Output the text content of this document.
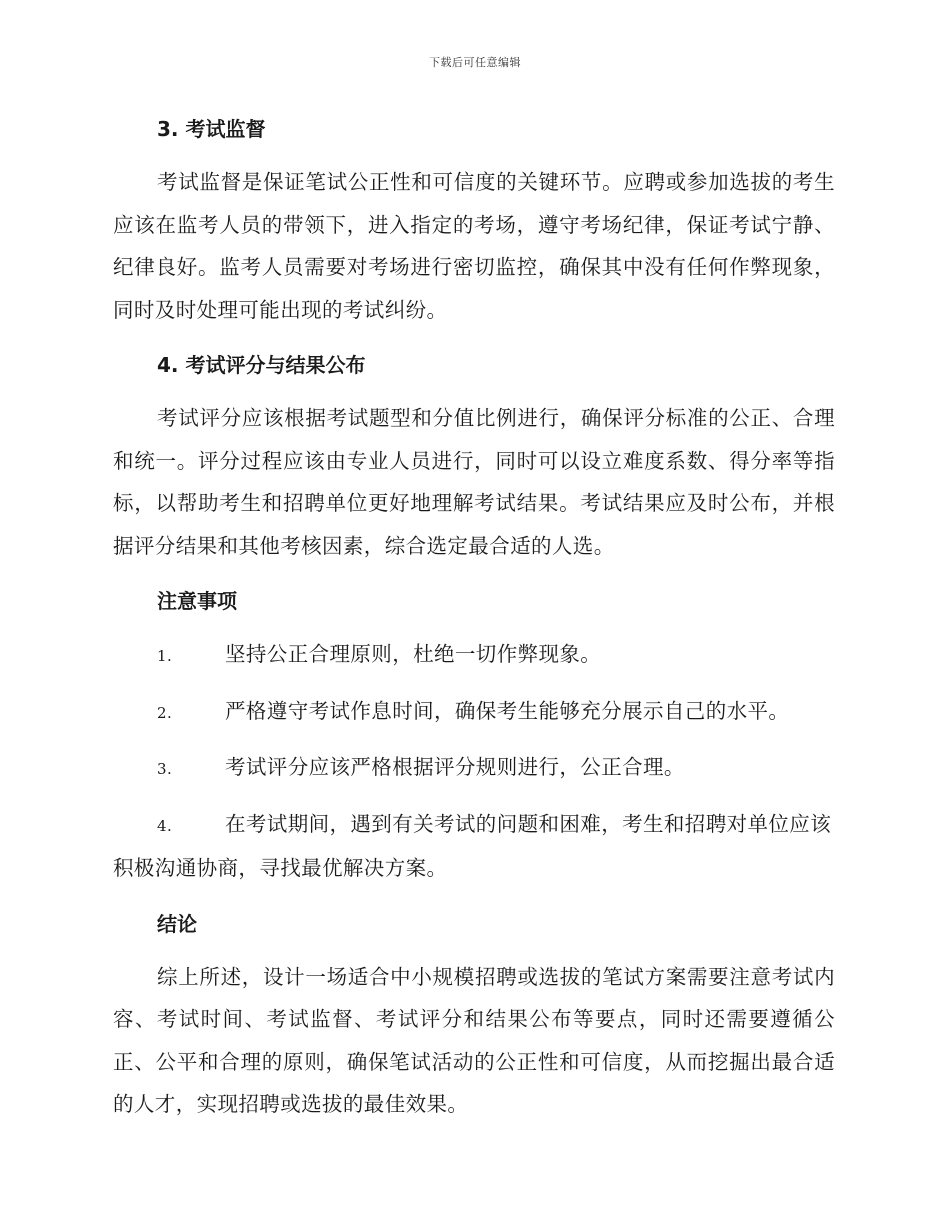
下载后可任意编辑
3. 考试监督

考试监督是保证笔试公正性和可信度的关键环节。应聘或参加选拔的考生应该在监考人员的带领下，进入指定的考场，遵守考场纪律，保证考试宁静、纪律良好。监考人员需要对考场进行密切监控，确保其中没有任何作弊现象，同时及时处理可能出现的考试纠纷。

4. 考试评分与结果公布

考试评分应该根据考试题型和分值比例进行，确保评分标准的公正、合理和统一。评分过程应该由专业人员进行，同时可以设立难度系数、得分率等指标，以帮助考生和招聘单位更好地理解考试结果。考试结果应及时公布，并根据评分结果和其他考核因素，综合选定最合适的人选。

注意事项
1.	坚持公正合理原则，杜绝一切作弊现象。
2.	严格遵守考试作息时间，确保考生能够充分展示自己的水平。
3.	考试评分应该严格根据评分规则进行，公正合理。
4.	在考试期间，遇到有关考试的问题和困难，考生和招聘对单位应该积极沟通协商，寻找最优解决方案。
结论

综上所述，设计一场适合中小规模招聘或选拔的笔试方案需要注意考试内容、考试时间、考试监督、考试评分和结果公布等要点，同时还需要遵循公正、公平和合理的原则，确保笔试活动的公正性和可信度，从而挖掘出最合适的人才，实现招聘或选拔的最佳效果。
